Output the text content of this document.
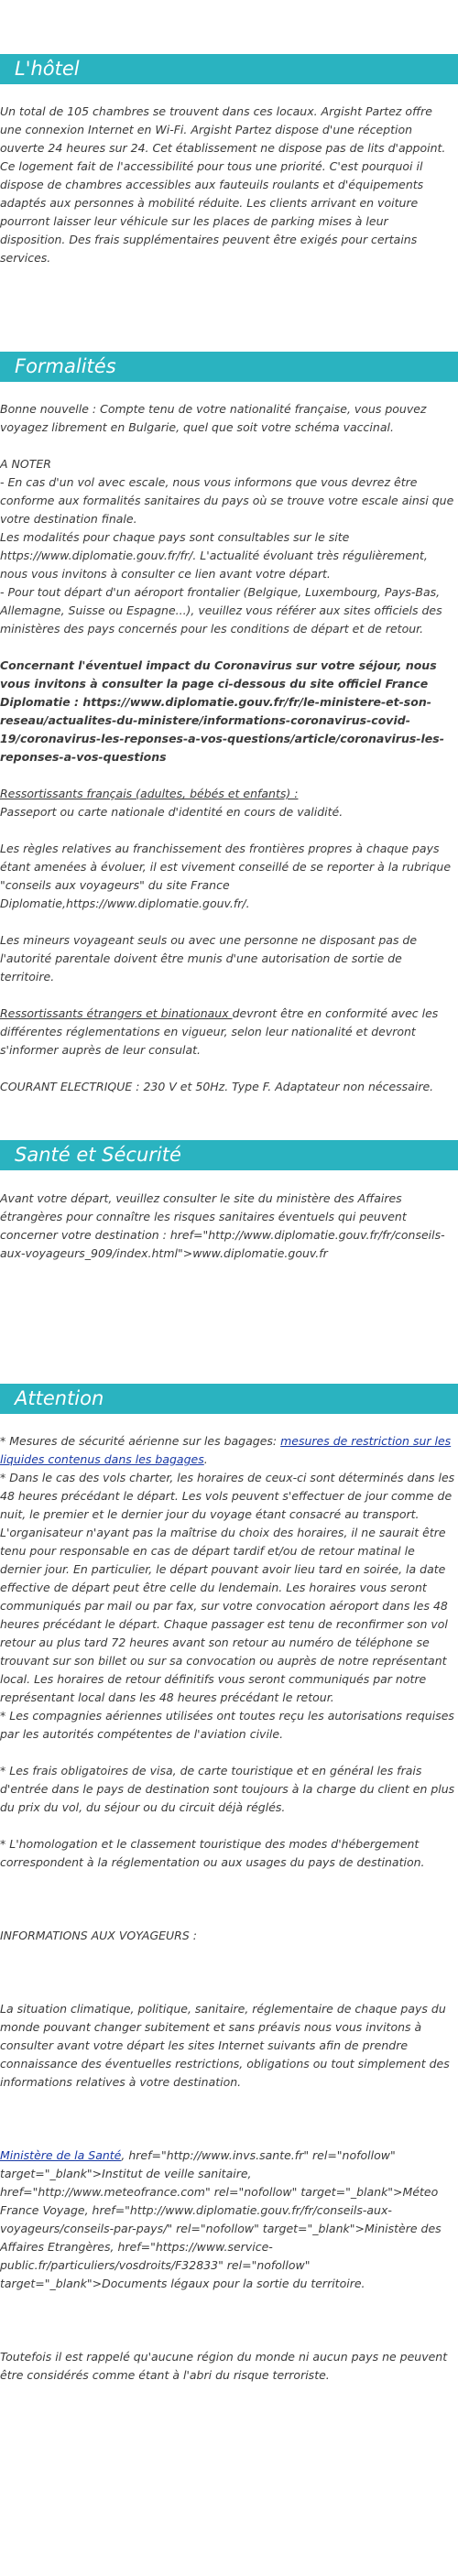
L'hôtel
Un total de 105 chambres se trouvent dans ces locaux. Argisht Partez offre une connexion Internet en Wi-Fi. Argisht Partez dispose d'une réception ouverte 24 heures sur 24. Cet établissement ne dispose pas de lits d'appoint. Ce logement fait de l'accessibilité pour tous une priorité. C'est pourquoi il dispose de chambres accessibles aux fauteuils roulants et d'équipements adaptés aux personnes à mobilité réduite. Les clients arrivant en voiture pourront laisser leur véhicule sur les places de parking mises à leur disposition. Des frais supplémentaires peuvent être exigés pour certains services.
Formalités

Bonne nouvelle : Compte tenu de votre nationalité française, vous pouvez voyagez librement en Bulgarie, quel que soit votre schéma vaccinal.

A NOTER

- En cas d'un vol avec escale, nous vous informons que vous devrez être conforme aux formalités sanitaires du pays où se trouve votre escale ainsi que votre destination finale.

Les modalités pour chaque pays sont consultables sur le site https://www.diplomatie.gouv.fr/fr/. L'actualité évoluant très régulièrement, nous vous invitons à consulter ce lien avant votre départ.

- Pour tout départ d'un aéroport frontalier (Belgique, Luxembourg, Pays-Bas, Allemagne, Suisse ou Espagne...), veuillez vous référer aux sites officiels des ministères des pays concernés pour les conditions de départ et de retour.

Concernant l'éventuel impact du Coronavirus sur votre séjour, nous vous invitons à consulter la page ci-dessous du site officiel France Diplomatie : https://www.diplomatie.gouv.fr/fr/le-ministere-et-son-reseau/actualites-du-ministere/informations-coronavirus-covid-19/coronavirus-les-reponses-a-vos-questions/article/coronavirus-les-reponses-a-vos-questions

Ressortissants français (adultes, bébés et enfants) :

Passeport ou carte nationale d'identité en cours de validité.

Les règles relatives au franchissement des frontières propres à chaque pays étant amenées à évoluer, il est vivement conseillé de se reporter à la rubrique "conseils aux voyageurs" du site France Diplomatie,https://www.diplomatie.gouv.fr/.

Les mineurs voyageant seuls ou avec une personne ne disposant pas de l'autorité parentale doivent être munis d'une autorisation de sortie de territoire.

Ressortissants étrangers et binationaux devront être en conformité avec les différentes réglementations en vigueur, selon leur nationalité et devront s'informer auprès de leur consulat.

COURANT ELECTRIQUE : 230 V et 50Hz. Type F. Adaptateur non nécessaire.

Santé et Sécurité
Avant votre départ, veuillez consulter le site du ministère des Affaires étrangères pour connaître les risques sanitaires éventuels qui peuvent concerner votre destination : href="http://www.diplomatie.gouv.fr/fr/conseils-aux-voyageurs_909/index.html">www.diplomatie.gouv.fr
Attention

* Mesures de sécurité aérienne sur les bagages: mesures de restriction sur les liquides contenus dans les bagages.

* Dans le cas des vols charter, les horaires de ceux-ci sont déterminés dans les 48 heures précédant le départ. Les vols peuvent s'effectuer de jour comme de nuit, le premier et le dernier jour du voyage étant consacré au transport. L'organisateur n'ayant pas la maîtrise du choix des horaires, il ne saurait être tenu pour responsable en cas de départ tardif et/ou de retour matinal le dernier jour. En particulier, le départ pouvant avoir lieu tard en soirée, la date effective de départ peut être celle du lendemain. Les horaires vous seront communiqués par mail ou par fax, sur votre convocation aéroport dans les 48 heures précédant le départ. Chaque passager est tenu de reconfirmer son vol retour au plus tard 72 heures avant son retour au numéro de téléphone se trouvant sur son billet ou sur sa convocation ou auprès de notre représentant local. Les horaires de retour définitifs vous seront communiqués par notre représentant local dans les 48 heures précédant le retour.

* Les compagnies aériennes utilisées ont toutes reçu les autorisations requises par les autorités compétentes de l'aviation civile.

* Les frais obligatoires de visa, de carte touristique et en général les frais d'entrée dans le pays de destination sont toujours à la charge du client en plus du prix du vol, du séjour ou du circuit déjà réglés.

* L'homologation et le classement touristique des modes d'hébergement correspondent à la réglementation ou aux usages du pays de destination.

INFORMATIONS AUX VOYAGEURS :

La situation climatique, politique, sanitaire, réglementaire de chaque pays du monde pouvant changer subitement et sans préavis nous vous invitons à consulter avant votre départ les sites Internet suivants afin de prendre connaissance des éventuelles restrictions, obligations ou tout simplement des informations relatives à votre destination.

Ministère de la Santé, href="http://www.invs.sante.fr" rel="nofollow" target="_blank">Institut de veille sanitaire, href="http://www.meteofrance.com" rel="nofollow" target="_blank">Méteo France Voyage, href="http://www.diplomatie.gouv.fr/fr/conseils-aux-voyageurs/conseils-par-pays/" rel="nofollow" target="_blank">Ministère des Affaires Etrangères, href="https://www.service-public.fr/particuliers/vosdroits/F32833" rel="nofollow" target="_blank">Documents légaux pour la sortie du territoire.

Toutefois il est rappelé qu'aucune région du monde ni aucun pays ne peuvent être considérés comme étant à l'abri du risque terroriste.
